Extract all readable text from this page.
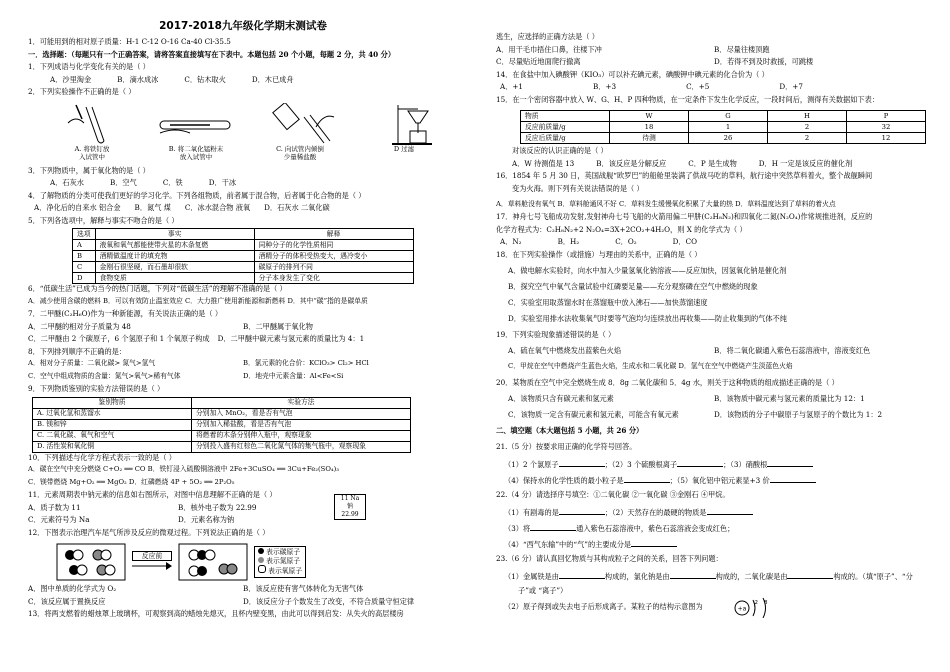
2017-2018九年级化学期末测试卷
1．可能用到的相对原子质量：H-1 C-12 O-16 Ca-40 Cl-35.5
一．选择题：（每题只有一个正确答案，请将答案直接填写在下表中。本题包括 20 个小题，每题 2 分，共 40 分）
1．下列成语与化学变化有关的是（ ）
A．沙里淘金	B．滴水成冰	C．钻木取火	D．木已成舟
2．下列实验操作不正确的是（ ）
A. 将铁钉放
入试管中
B. 将二氧化锰粉末
放入试管中
C. 向试管内倾倒
少量稀盐酸
D 过滤
3．下列物质中，属于氧化物的是（ ）
A．石灰水	B．空气	C．铁	D．干冰
4．了解物质的分类可使我们更好的学习化学。下列各组物质，前者属于混合物，后者属于化合物的是（ ）
A．净化后的自来水 铝合金 B．氮气 煤 C．冰水混合物 液氧 D．石灰水 二氧化碳
5．下列各选项中，解释与事实不吻合的是（ ）
选项	事实	解释
A	液氧和氧气都能使带火星的木条复燃	同种分子的化学性质相同
B	酒精做温度计的填充物	酒精分子的体积受热变大，遇冷变小
C	金刚石很坚硬，而石墨却很软	碳原子的排列不同
D	食物变质	分子本身发生了变化
6．“低碳生活”已成为当今的热门话题，下列对“低碳生活”的理解不准确的是（ ）
A．减少使用含碳的燃料 B．可以有效防止温室效应 C．大力推广使用新能源和新燃料 D．其中“碳”指的是碳单质
7．二甲醚(C₂H₆O)作为一种新能源，有关说法正确的是（ ）
A．二甲醚的相对分子质量为 48	B．二甲醚属于氧化物
C．二甲醚由 2 个碳原子，6 个氢原子和 1 个氧原子构成 D．二甲醚中碳元素与氢元素的质量比为 4：1
8．下列排列顺序不正确的是：
A．相对分子质量：二氧化碳> 氮气>氢气	B．氯元素的化合价：KClO₃> Cl₂> HCl
C．空气中组成物质的含量：氮气>氧气>稀有气体	D．地壳中元素含量：Al<Fe<Si
9．下列物质鉴别的实验方法错误的是（ ）
鉴别物质	实验方法
A. 过氧化氢和蒸馏水	分别加入 MnO₂，看是否有气泡
B. 镁和锌	分别加入稀盐酸，看是否有气泡
C. 二氧化碳、氧气和空气	将燃着的木条分别伸入瓶中，观察现象
D. 活性炭和氧化铜	分别投入盛有红棕色二氧化氮气体的集气瓶中，观察现象
10．下列描述与化学方程式表示一致的是（ ）
A．碳在空气中充分燃烧 C+O₂ ══ CO B．铁钉浸入硫酸铜溶液中 2Fe+3CuSO₄ ══ 3Cu+Fe₂(SO₄)₃
C．镁带燃烧 Mg+O₂ ══ MgO₂ D．红磷燃烧 4P + 5O₂ ══ 2P₂O₅
11．元素周期表中钠元素的信息如右图所示，对图中信息理解不正确的是（ ）
A．质子数为 11	B．核外电子数为 22.99
C．元素符号为 Na	D．元素名称为钠
11 Na
钠
22.99
12．下图表示治理汽车尾气所涉及反应的微观过程。下列说法正确的是（ ）
反应前	表示碳原子
表示氮原子
表示氧原子
A．图中单质的化学式为 O₂	B．该反应使有害气体转化为无害气体
C．该反应属于置换反应	D．该反应分子个数发生了改变，不符合质量守恒定律
13．将两支燃着的蜡烛罩上玻璃杯，可观察到高的蜡烛先熄灭，且杯内壁变黑，由此可以得到启发：从失火的高层楼房
逃生，应选择的正确方法是（ ）
A．用干毛巾捂住口鼻，往楼下冲	B．尽量往楼顶跑
C．尽量贴近地面爬行撤离	D．若得不到及时救援，可跳楼
14．在食盐中加入碘酸钾（KIO₃）可以补充碘元素，碘酸钾中碘元素的化合价为（ ）
A．+1	B．+3	C．+5	D．+7
15．在一个密闭容器中放入 W、G、H、P 四种物质，在一定条件下发生化学反应，一段时间后，测得有关数据如下表：
物质	W	G	H	P
反应前质量/g	18	1	2	32
反应后质量/g	待测	26	2	12
对该反应的认识正确的是（ ）
A．W 待测值是 13	B．该反应是分解反应	C．P 是生成物	D．H 一定是该反应的催化剂
16．1854 年 5 月 30 日，英国战舰“欧罗巴”的船舱里装满了供战马吃的草料，航行途中突然草料着火，整个战舰瞬间
变为火海。则下列有关说法错误的是（ ）
A．草料舱没有氧气 B．草料舱通风不好 C．草料发生缓慢氧化积累了大量的热 D．草料温度达到了草料的着火点
17．神舟七号飞船成功发射,发射神舟七号飞船的火箭用偏二甲肼(C₂H₈N₂)和四氧化二氮(N₂O₄)作常规推进剂，反应的
化学方程式为：C₂H₈N₂+2 N₂O₄=3X+2CO₂+4H₂O，则 X 的化学式为（ ）
A．N₂	B．H₂	C．O₂	D．CO
18．在下列实验操作（或措施）与理由的关系中，正确的是（ ）
A．做电解水实验时，向水中加入少量氢氧化钠溶液——反应加快，因氢氧化钠是催化剂
B．探究空气中氧气含量试验中红磷要足量——充分观察磷在空气中燃烧的现象
C．实验室用取蒸馏水时在蒸馏瓶中放入沸石——加快蒸馏速度
D．实验室用排水法收集氧气时要等气泡均匀连续放出再收集——防止收集到的气体不纯
19．下列实验现象描述错误的是（ ）
A．硫在氧气中燃烧发出蓝紫色火焰	B．将二氧化碳通入紫色石蕊溶液中，溶液变红色
C．甲烷在空气中燃烧产生蓝色火焰，生成水和二氧化碳 D．氢气在空气中燃烧产生淡蓝色火焰
20．某物质在空气中完全燃烧生成 8．8g 二氧化碳和 5．4g 水，则关于这种物质的组成描述正确的是（ ）
A．该物质只含有碳元素和氢元素	B．该物质中碳元素与氢元素的质量比为 12：1
C．该物质一定含有碳元素和氢元素，可能含有氧元素	D．该物质的分子中碳原子与氢原子的个数比为 1：2
二、填空题（本大题包括 5 小题，共 26 分）
21.（5 分）按要求用正确的化学符号回答。
（1）2 个氯原子	；（2）3 个硫酸根离子	；（3）硝酸根
（4）保持水的化学性质的最小粒子是	；（5）氧化铝中铝元素显+3 价
22.（4 分）请选择序号填空：①二氧化碳 ②一氧化碳 ③金刚石 ④甲烷。
（1）有剧毒的是	；（2）天然存在的最硬的物质是
（3）将	通入紫色石蕊溶液中，紫色石蕊溶液会变成红色；
（4）“西气东输”中的“气”的主要成分是
23.（6 分）请认真回忆物质与其构成粒子之间的关系，回答下列问题：
（1）金属铁是由	构成的，氯化钠是由	构成的，二氧化碳是由	构成的。（填“原子”、“分
子”或 “离子”）
（2）原子得到或失去电子后形成离子。某粒子的结构示意图为	+a
2 8
